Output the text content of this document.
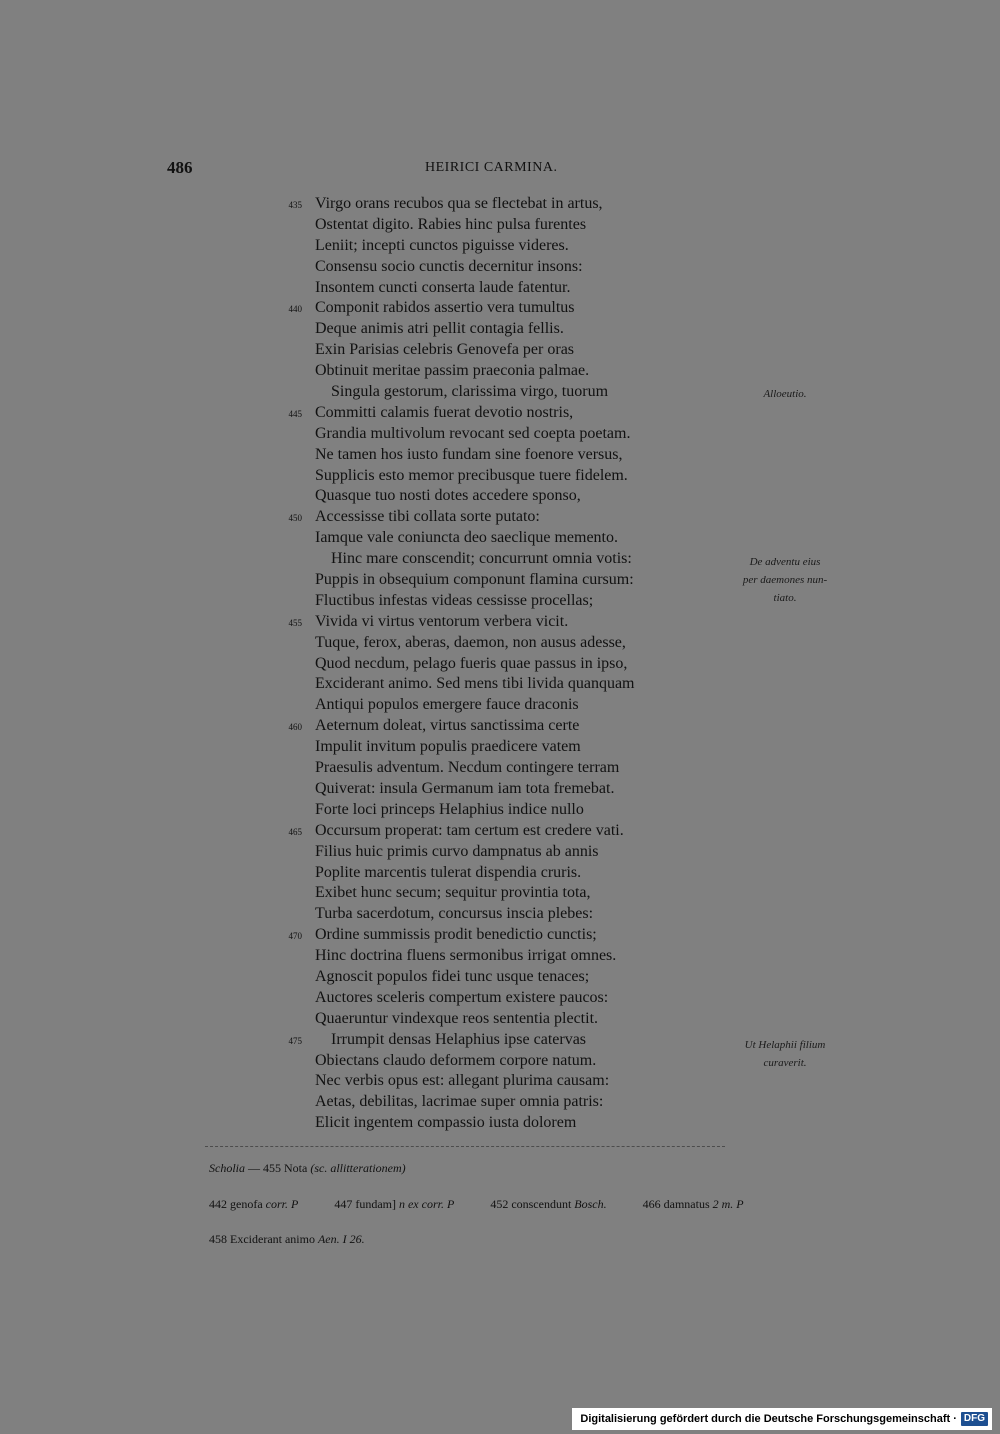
486	HEIRICI CARMINA.
435 Virgo orans recubos qua se flectebat in artus,
Ostentat digito. Rabies hinc pulsa furentes
Leniit; incepti cunctos piguisse videres.
Consensu socio cunctis decernitur insons:
Insontem cuncti conserta laude fatentur.
440 Componit rabidos assertio vera tumultus
Deque animis atri pellit contagia fellis.
Exin Parisias celebris Genovefa per oras
Obtinuit meritae passim praeconia palmae.
Singula gestorum, clarissima virgo, tuorum
445 Committi calamis fuerat devotio nostris,
Grandia multivolum revocant sed coepta poetam.
Ne tamen hos iusto fundam sine foenore versus,
Supplicis esto memor precibusque tuere fidelem.
Quasque tuo nosti dotes accedere sponso,
450 Accessisse tibi collata sorte putato:
Iamque vale coniuncta deo saeclique memento.
Hinc mare conscendit; concurrunt omnia votis:
Puppis in obsequium componunt flamina cursum:
Fluctibus infestas videas cessisse procellas;
455 Vivida vi virtus ventorum verbera vicit.
Tuque, ferox, aberas, daemon, non ausus adesse,
Quod necdum, pelago fueris quae passus in ipso,
Exciderant animo. Sed mens tibi livida quanquam
Antiqui populos emergere fauce draconis
460 Aeternum doleat, virtus sanctissima certe
Impulit invitum populis praedicere vatem
Praesulis adventum. Necdum contingere terram
Quiverat: insula Germanum iam tota fremebat.
Forte loci princeps Helaphius indice nullo
465 Occursum properat: tam certum est credere vati.
Filius huic primis curvo dampnatus ab annis
Poplite marcentis tulerat dispendia cruris.
Exibet hunc secum; sequitur provintia tota,
Turba sacerdotum, concursus inscia plebes:
470 Ordine summissis prodit benedictio cunctis;
Hinc doctrina fluens sermonibus irrigat omnes.
Agnoscit populos fidei tunc usque tenaces;
Auctores sceleris compertum existere paucos:
Quaeruntur vindexque reos sententia plectit.
475 Irrumpit densas Helaphius ipse catervas
Obiectans claudo deformem corpore natum.
Nec verbis opus est: allegant plurima causam:
Aetas, debilitas, lacrimae super omnia patris:
Elicit ingentem compassio iusta dolorem
Alloeutio.
De adventu eius
per daemones nun-
tiato.
Ut Helaphii filium
curaverit.
Scholia — 455 Nota (sc. allitterationem)
442 genofa corr. P	447 fundam] n ex corr. P	452 conscendunt Bosch.	466 damnatus 2 m. P
458 Exciderant animo Aen. I 26.
Digitalisierung gefördert durch die Deutsche Forschungsgemeinschaft · DFG
